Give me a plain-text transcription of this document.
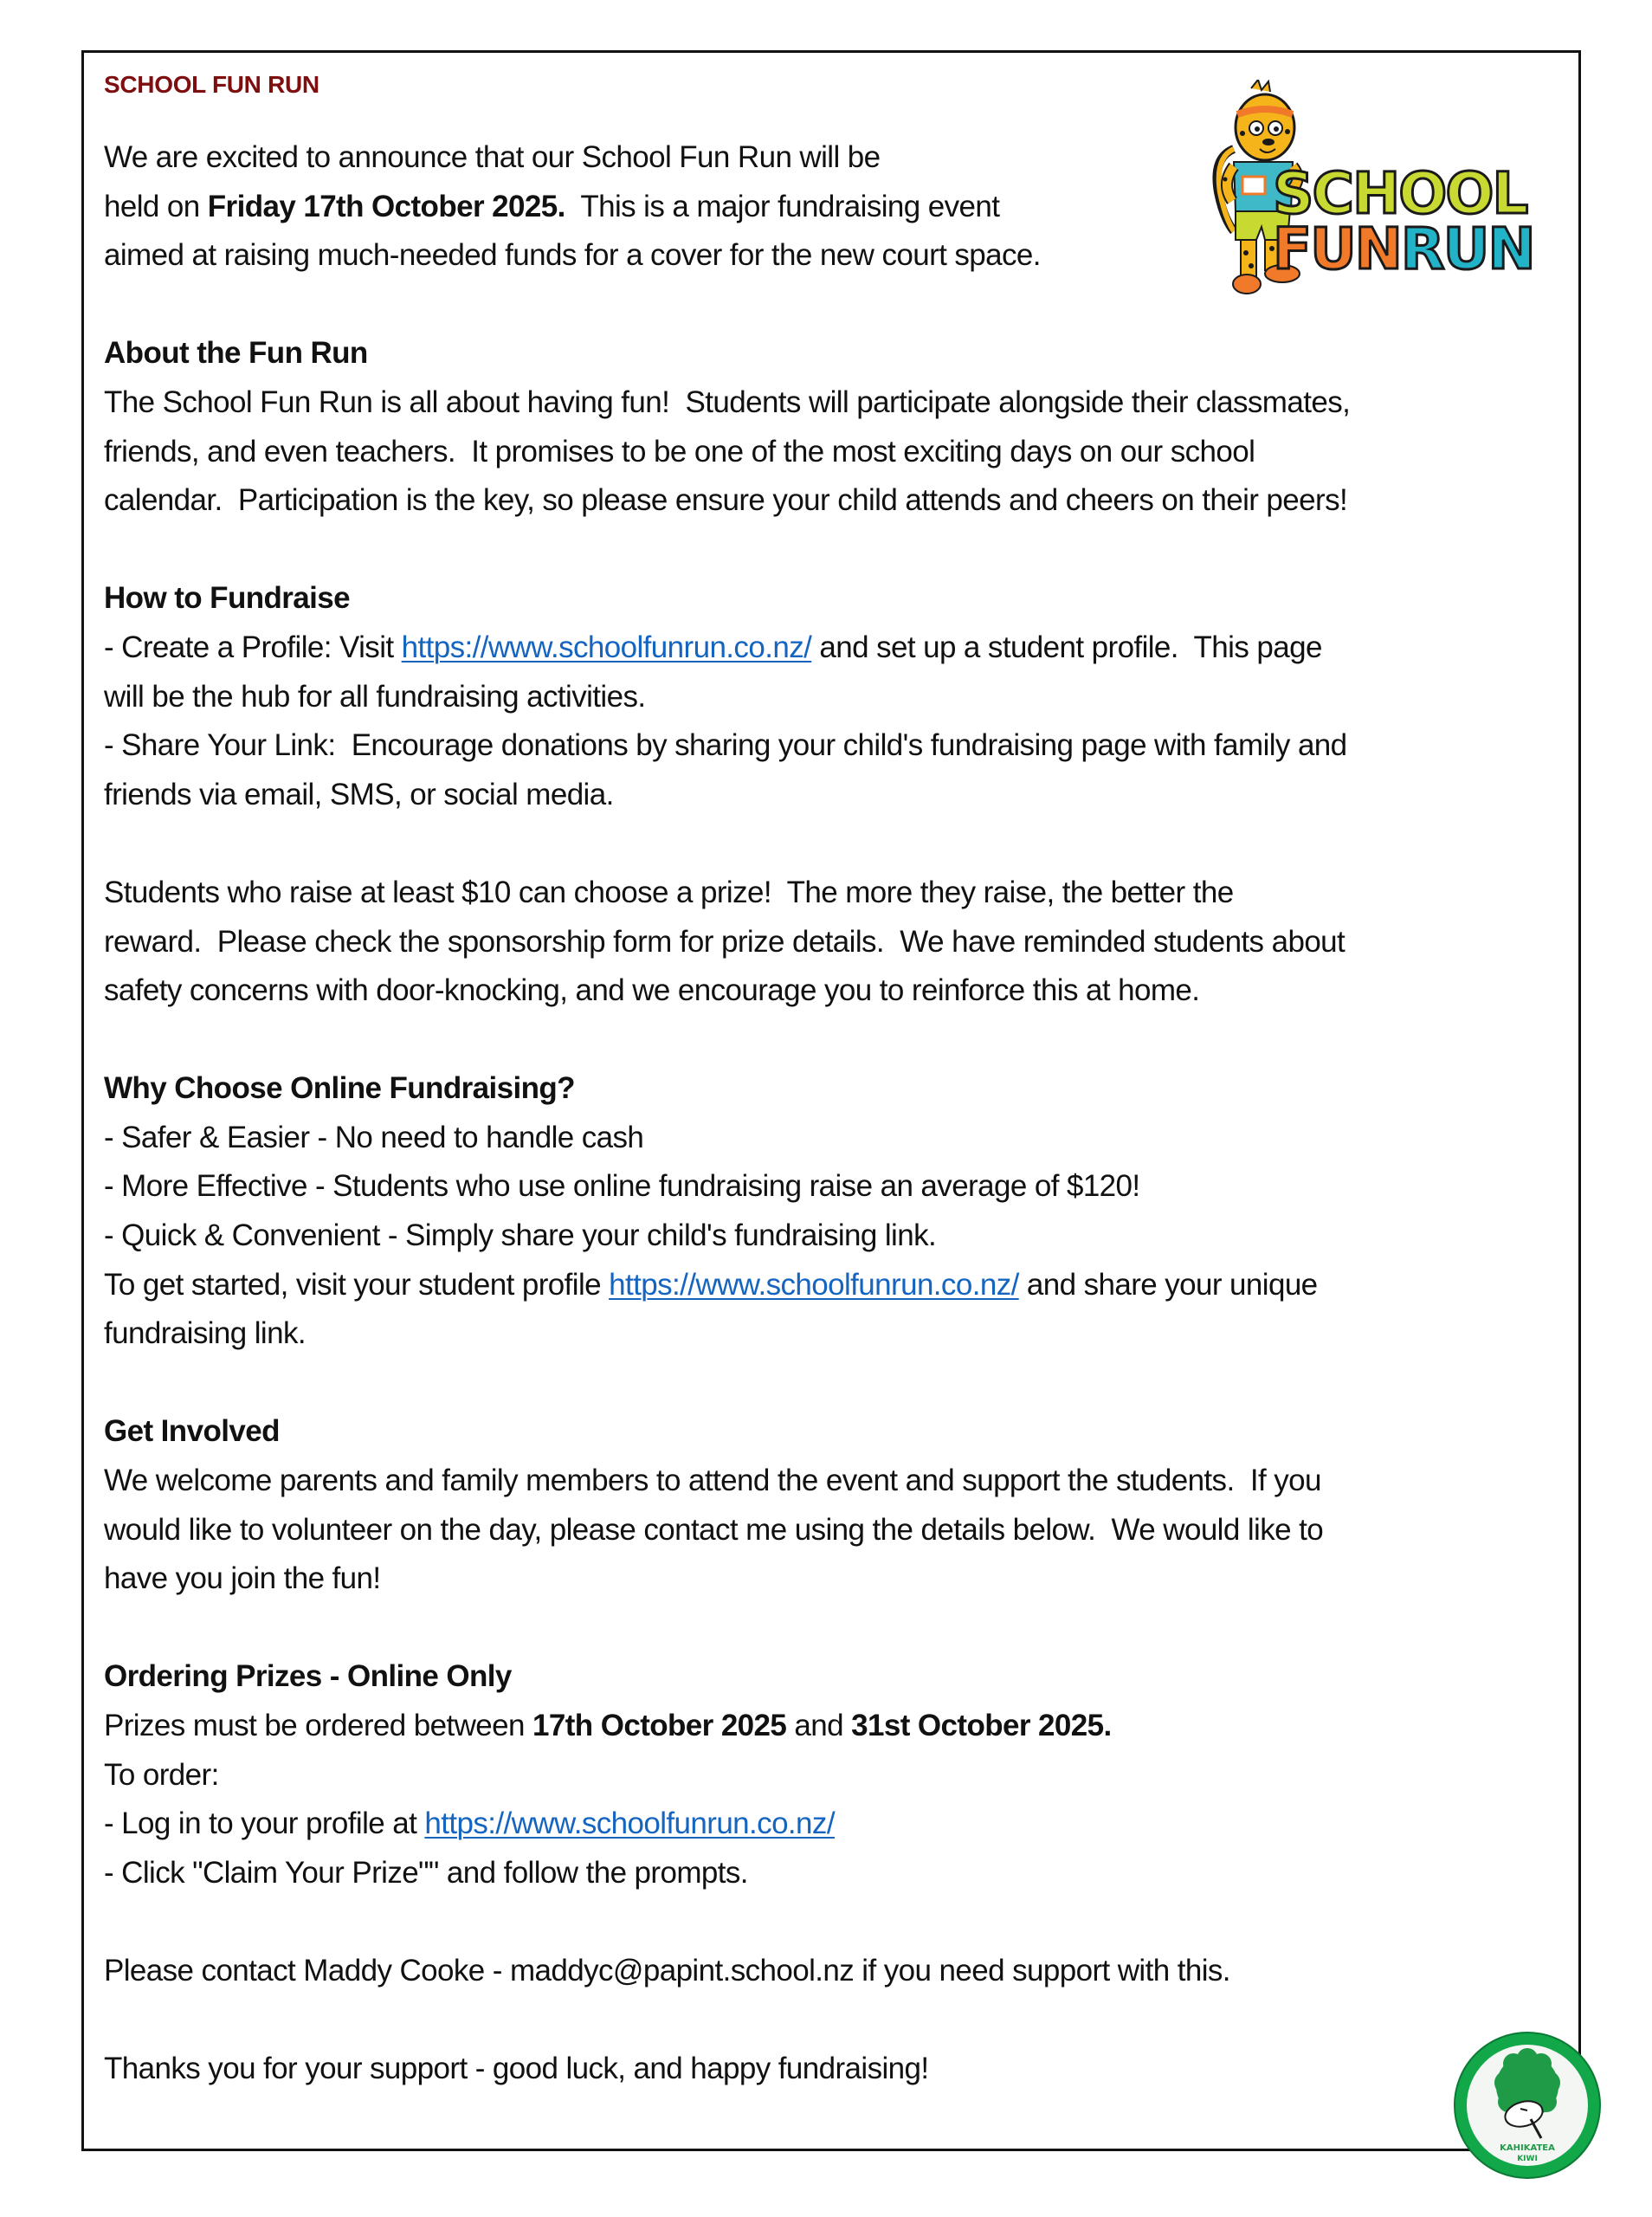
SCHOOL
FUNRUN
SCHOOL FUN RUN
We are excited to announce that our School Fun Run will be
held on Friday 17th October 2025.  This is a major fundraising event
aimed at raising much-needed funds for a cover for the new court space.
About the Fun Run
The School Fun Run is all about having fun!  Students will participate alongside their classmates,
friends, and even teachers.  It promises to be one of the most exciting days on our school
calendar.  Participation is the key, so please ensure your child attends and cheers on their peers!
How to Fundraise
- Create a Profile: Visit https://www.schoolfunrun.co.nz/ and set up a student profile.  This page
will be the hub for all fundraising activities.
- Share Your Link:  Encourage donations by sharing your child's fundraising page with family and
friends via email, SMS, or social media.
Students who raise at least $10 can choose a prize!  The more they raise, the better the
reward.  Please check the sponsorship form for prize details.  We have reminded students about
safety concerns with door-knocking, and we encourage you to reinforce this at home.
Why Choose Online Fundraising?
- Safer & Easier - No need to handle cash
- More Effective - Students who use online fundraising raise an average of $120!
- Quick & Convenient - Simply share your child's fundraising link.
To get started, visit your student profile https://www.schoolfunrun.co.nz/ and share your unique
fundraising link.
Get Involved
We welcome parents and family members to attend the event and support the students.  If you
would like to volunteer on the day, please contact me using the details below.  We would like to
have you join the fun!
Ordering Prizes - Online Only
Prizes must be ordered between 17th October 2025 and 31st October 2025.
To order:
- Log in to your profile at https://www.schoolfunrun.co.nz/
- Click "Claim Your Prize"" and follow the prompts.
Please contact Maddy Cooke - maddyc@papint.school.nz if you need support with this.
Thanks you for your support - good luck, and happy fundraising!
KAHIKATEA
KIWI
